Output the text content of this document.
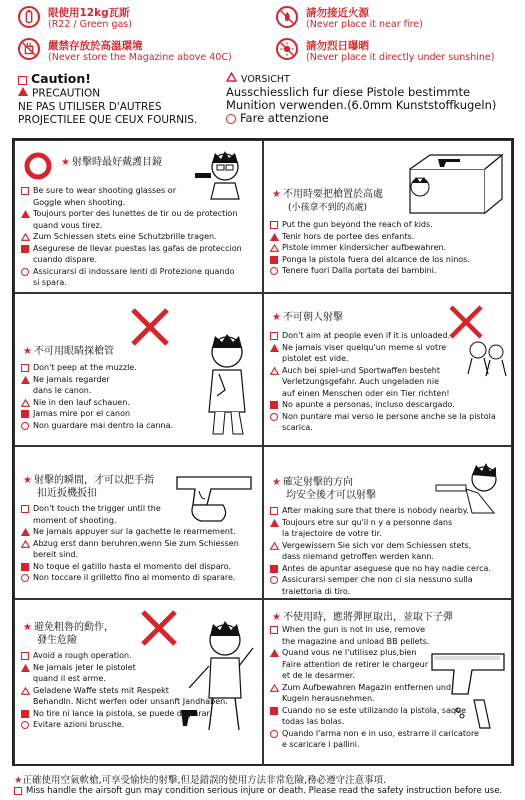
限使用12kg瓦斯
(R22 / Green gas)
請勿接近火源
(Never place it near fire)
嚴禁存放於高溫環境
(Never store the Magazine above 40C)
請勿烈日曝晒
(Never place it directly under sunshine)
Caution!
PRECAUTION
NE PAS UTILISER D'AUTRES
PROJECTILEE QUE CEUX FOURNIS.
VORSICHT
Ausschiesslich fur diese Pistole bestimmte
Munition verwenden.(6.0mm Kunststoffkugeln)
Fare attenzione
★ 射擊時最好戴護目鏡
Be sure to wear shooting glasses or
Goggle when shooting.
Toujours porter des lunettes de tir ou de protection
quand vous tirez.
Zum Schiessen stets eine Schutzbrille tragen.
Asegurese de llevar puestas las gafas de proteccion
cuando dispare.
Assicurarsi di indossare lenti di Protezione quando
si spara.
★ 不用時要把槍置於高處
(小孩拿不到的高處)
Put the gun beyond the reach of kids.
Tenir hors de portee des enfants.
Pistole immer kindersicher aufbewahren.
Ponga la pistola fuera del alcance de los ninos.
Tenere fuori Dalla portata dei bambini.
★ 不可用眼睛探槍管
Don't peep at the muzzle.
Ne jamais regarder
dans le canon.
Nie in den lauf schauen.
Jamas mire por el canon
Non guardare mai dentro la canna.
★ 不可朝人射擊
Don't aim at people even if it is unloaded.
Ne jamais viser quelqu'un meme si votre
pistolet est vide.
Auch bei spiel-und Sportwaffen besteht
Verletzungsgefahr. Auch ungeladen nie
auf einen Menschen oder ein Tier richten!
No apunte a personas, incluso descargado.
Non puntare mai verso le persone anche se la pistola
scarica.
★ 射擊的瞬間，才可以把手指
扣近扳機扳扣
Don't touch the trigger until the
moment of shooting.
Ne jamais appuyer sur la gachette le rearmement.
Abzug erst dann beruhren,wenn Sie zum Schiessen
bereit sind.
No toque el gatillo hasta el momento del disparo.
Non toccare il grilletto fino al momento di sparare.
★ 確定射擊的方向
均安全後才可以射擊
After making sure that there is nobody nearby.
Toujours etre sur qu'il n y a personne dans
la trajectoire de votre tir.
Vergewissern Sie sich vor dem Schiessen stets,
dass niemand getroffen werden kann.
Antes de apuntar aseguese que no hay nadie cerca.
Assicurarsi semper che non ci sia nessuno sulla
traiettoria di tiro.
★ 避免粗魯的動作，
發生危險
Avoid a rough operation.
Ne jamais jeter le pistolet
quand il est arme.
Geladene Waffe stets mit Respekt
Behandln. Nicht werfen oder unsanft Jandhaben.
No tire ni lance la pistola, se puede disparar.
Evitare azioni brusche.
★ 不使用時，應將彈匣取出，並取下子彈
When the gun is not in use, remove
the magazine and unload BB pellets.
Quand vous ne l'utilisez plus,bien
Faire attention de retirer le chargeur
et de le desarmer.
Zum Aufbewahren Magazin entfernen und
Kugeln herausnehmen.
Cuando no se este utilizando la pistola, saque
todas las bolas.
Quando l'arma non e in uso, estrarre il caricatore
e scaricare i pallini.
★正確使用空氣軟槍,可享受愉快的射擊,但是錯誤的使用方法非常危險,務必遵守注意事項.
Miss handle the airsoft gun may condition serious injure or death. Please read the safety instruction before use.
